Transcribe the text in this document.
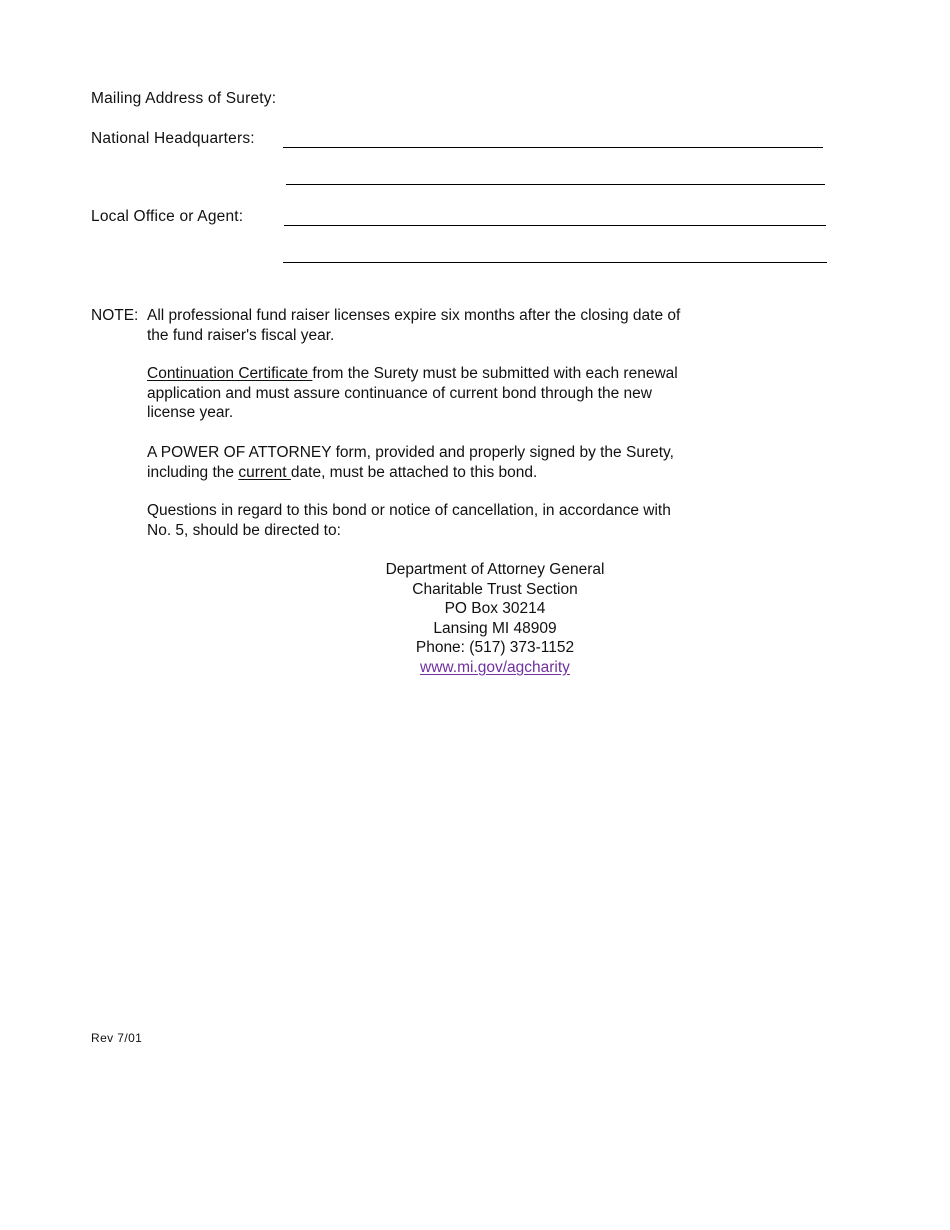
Mailing Address of Surety:
National Headquarters:
Local Office or Agent:
NOTE: All professional fund raiser licenses expire six months after the closing date of
the fund raiser's fiscal year.
Continuation Certificate from the Surety must be submitted with each renewal
application and must assure continuance of current bond through the new
license year.
A POWER OF ATTORNEY form, provided and properly signed by the Surety,
including the current date, must be attached to this bond.
Questions in regard to this bond or notice of cancellation, in accordance with
No. 5, should be directed to:
Department of Attorney General
Charitable Trust Section
PO Box 30214
Lansing MI 48909
Phone: (517) 373-1152
www.mi.gov/agcharity
Rev 7/01
